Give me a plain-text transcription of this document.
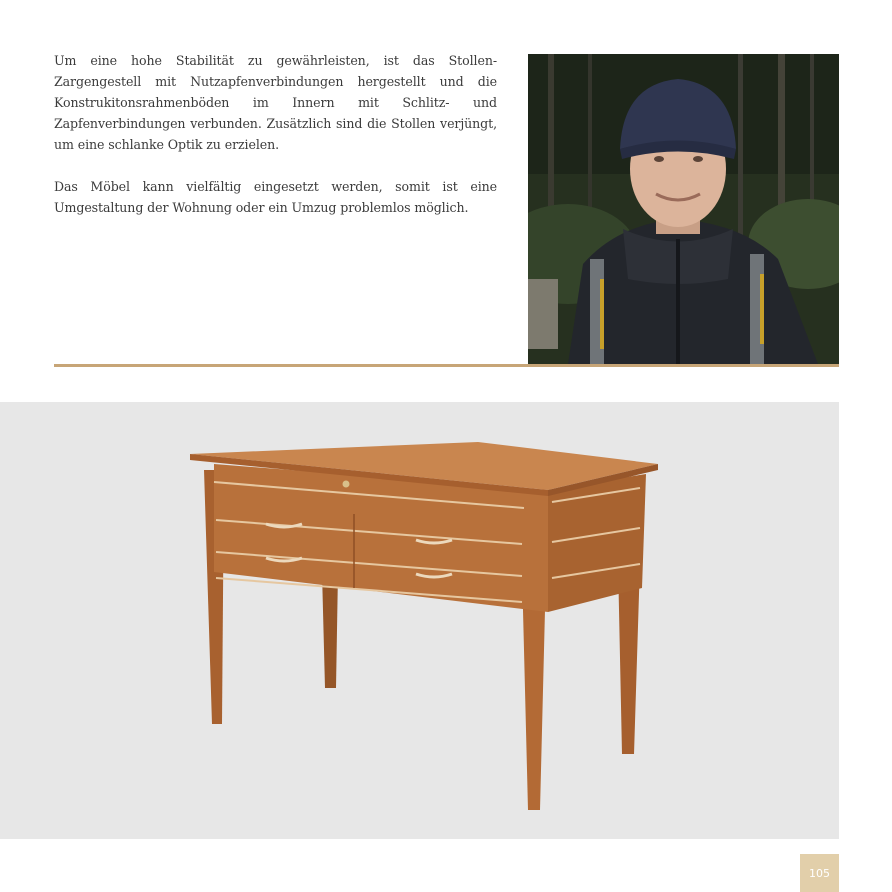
Um eine hohe Stabilität zu gewährleisten, ist das Stollen-Zargengestell mit Nutzapfenverbindungen hergestellt und die Konstrukitonsrahmenböden im Innern mit Schlitz- und Zapfenverbindungen verbunden. Zusätzlich sind die Stollen verjüngt, um eine schlanke Optik zu erzielen.

Das Möbel kann vielfältig eingesetzt werden, somit ist eine Umgestaltung der Wohnung oder ein Umzug problemlos möglich.

105
